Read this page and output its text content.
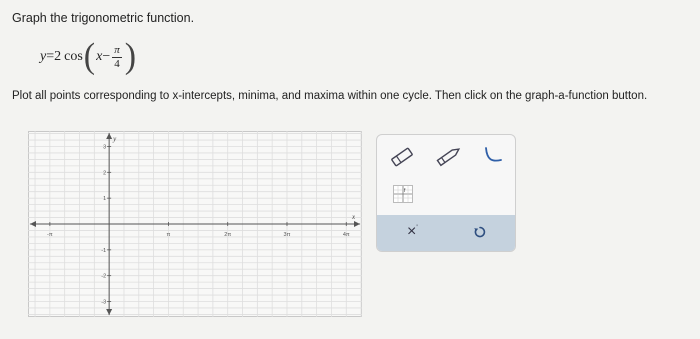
Graph the trigonometric function.
y = 2 cos ( $x - \frac{\pi}{4}$ )
Plot all points corresponding to x-intercepts, minima, and maxima within one cycle. Then click on the graph-a-function button.
x
y
-π	π	2π	3π	4π
3
2
1
-1
-2
-3
f
×'
